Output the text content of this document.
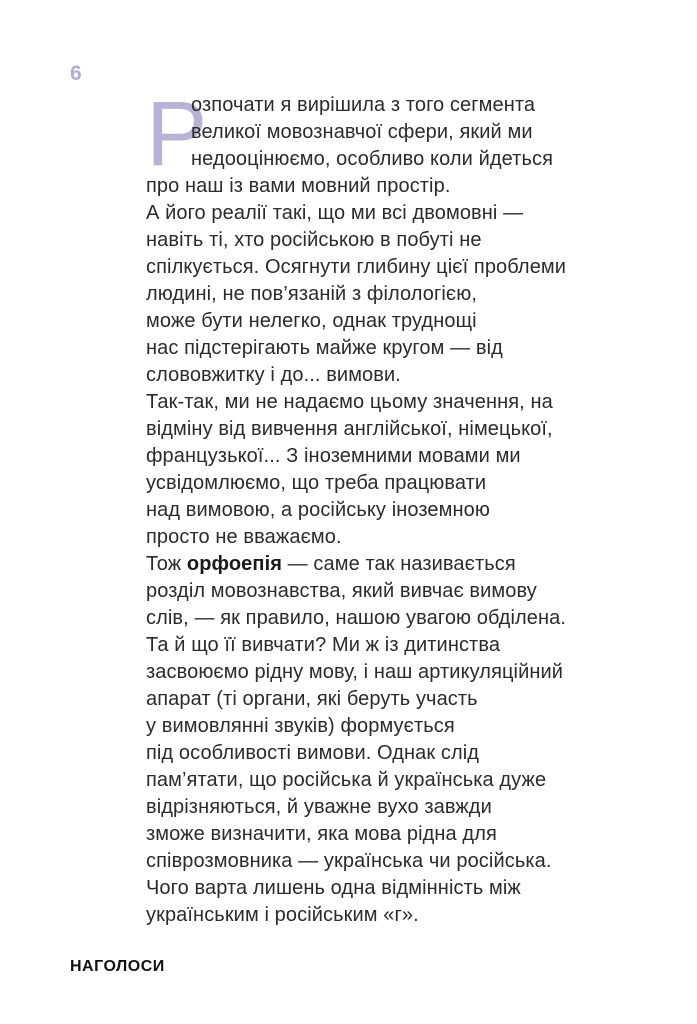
6
Р
озпочати я вирішила з того сегмента
великої мовознавчої сфери, який ми
недооцінюємо, особливо коли йдеться
про наш із вами мовний простір.
А його реалії такі, що ми всі двомовні —
навіть ті, хто російською в побуті не
спілкується. Осягнути глибину цієї проблеми
людині, не пов’язаній з філологією,
може бути нелегко, однак труднощі
нас підстерігають майже кругом — від
слововжитку і до... вимови.
Так-так, ми не надаємо цьому значення, на
відміну від вивчення англійської, німецької,
французької... З іноземними мовами ми
усвідомлюємо, що треба працювати
над вимовою, а російську іноземною
просто не вважаємо.
Тож орфоепія — саме так називається
розділ мовознавства, який вивчає вимову
слів, — як правило, нашою увагою обділена.
Та й що її вивчати? Ми ж із дитинства
засвоюємо рідну мову, і наш артикуляційний
апарат (ті органи, які беруть участь
у вимовлянні звуків) формується
під особливості вимови. Однак слід
пам’ятати, що російська й українська дуже
відрізняються, й уважне вухо завжди
зможе визначити, яка мова рідна для
співрозмовника — українська чи російська.
Чого варта лишень одна відмінність між
українським і російським «г».
НАГОЛОСИ
